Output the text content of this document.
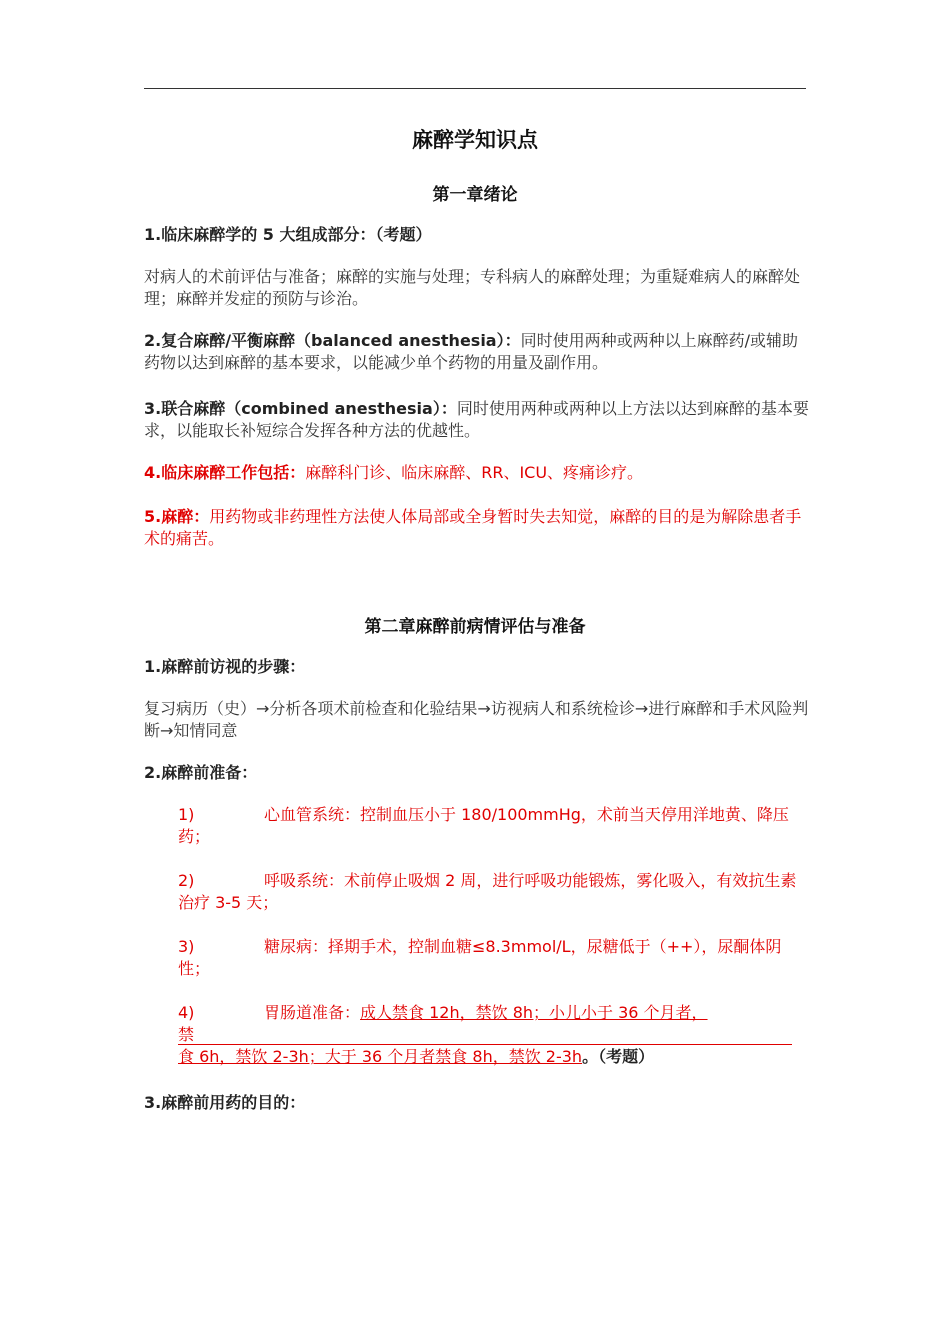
麻醉学知识点
第一章绪论
1.临床麻醉学的 5 大组成部分：（考题）
对病人的术前评估与准备；麻醉的实施与处理；专科病人的麻醉处理；为重疑难病人的麻醉处理；麻醉并发症的预防与诊治。
2.复合麻醉/平衡麻醉（balanced anesthesia）：同时使用两种或两种以上麻醉药/或辅助药物以达到麻醉的基本要求，以能减少单个药物的用量及副作用。
3.联合麻醉（combined anesthesia）：同时使用两种或两种以上方法以达到麻醉的基本要求，以能取长补短综合发挥各种方法的优越性。
4.临床麻醉工作包括：麻醉科门诊、临床麻醉、RR、ICU、疼痛诊疗。
5.麻醉：用药物或非药理性方法使人体局部或全身暂时失去知觉，麻醉的目的是为解除患者手术的痛苦。
第二章麻醉前病情评估与准备
1.麻醉前访视的步骤：
复习病历（史）→分析各项术前检查和化验结果→访视病人和系统检诊→进行麻醉和手术风险判断→知情同意
2.麻醉前准备：
1)	心血管系统：控制血压小于 180/100mmHg，术前当天停用洋地黄、降压药；
2)	呼吸系统：术前停止吸烟 2 周，进行呼吸功能锻炼，雾化吸入，有效抗生素治疗 3-5 天；
3)	糖尿病：择期手术，控制血糖≤8.3mmol/L，尿糖低于（++），尿酮体阴性；
4)	胃肠道准备：成人禁食 12h，禁饮 8h；小儿小于 36 个月者，
禁
食 6h，禁饮 2-3h；大于 36 个月者禁食 8h，禁饮 2-3h。（考题）
3.麻醉前用药的目的：
